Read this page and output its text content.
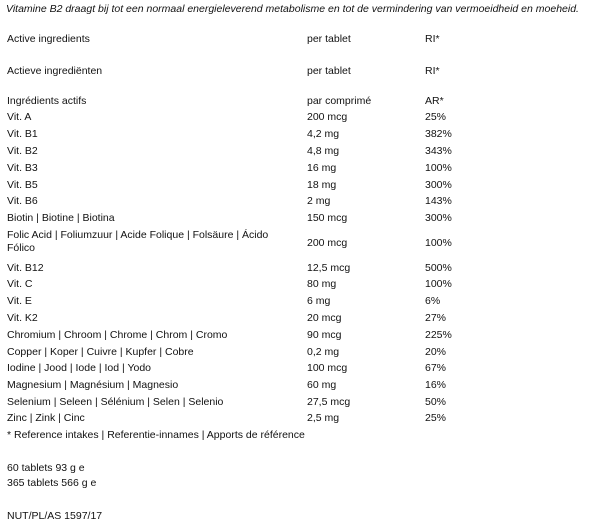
Vitamine B2 draagt bij tot een normaal energieleverend metabolisme en tot de vermindering van vermoeidheid en moeheid.
Active ingredients	per tablet	RI*
Actieve ingrediënten	per tablet	RI*
Ingrédients actifs	par comprimé	AR*
Vit. A	200 mcg	25%
Vit. B1	4,2 mg	382%
Vit. B2	4,8 mg	343%
Vit. B3	16 mg	100%
Vit. B5	18 mg	300%
Vit. B6	2 mg	143%
Biotin | Biotine | Biotina	150 mcg	300%
Folic Acid | Foliumzuur | Acide Folique | Folsäure | Ácido Fólico	200 mcg	100%
Vit. B12	12,5 mcg	500%
Vit. C	80 mg	100%
Vit. E	6 mg	6%
Vit. K2	20 mcg	27%
Chromium | Chroom | Chrome | Chrom | Cromo	90 mcg	225%
Copper | Koper | Cuivre | Kupfer | Cobre	0,2 mg	20%
Iodine | Jood | Iode | Iod | Yodo	100 mcg	67%
Magnesium | Magnésium | Magnesio	60 mg	16%
Selenium | Seleen | Sélénium | Selen | Selenio	27,5 mcg	50%
Zinc | Zink | Cinc	2,5 mg	25%
* Reference intakes | Referentie-innames | Apports de référence
60 tablets 93 g e
365 tablets 566 g e
NUT/PL/AS 1597/17
